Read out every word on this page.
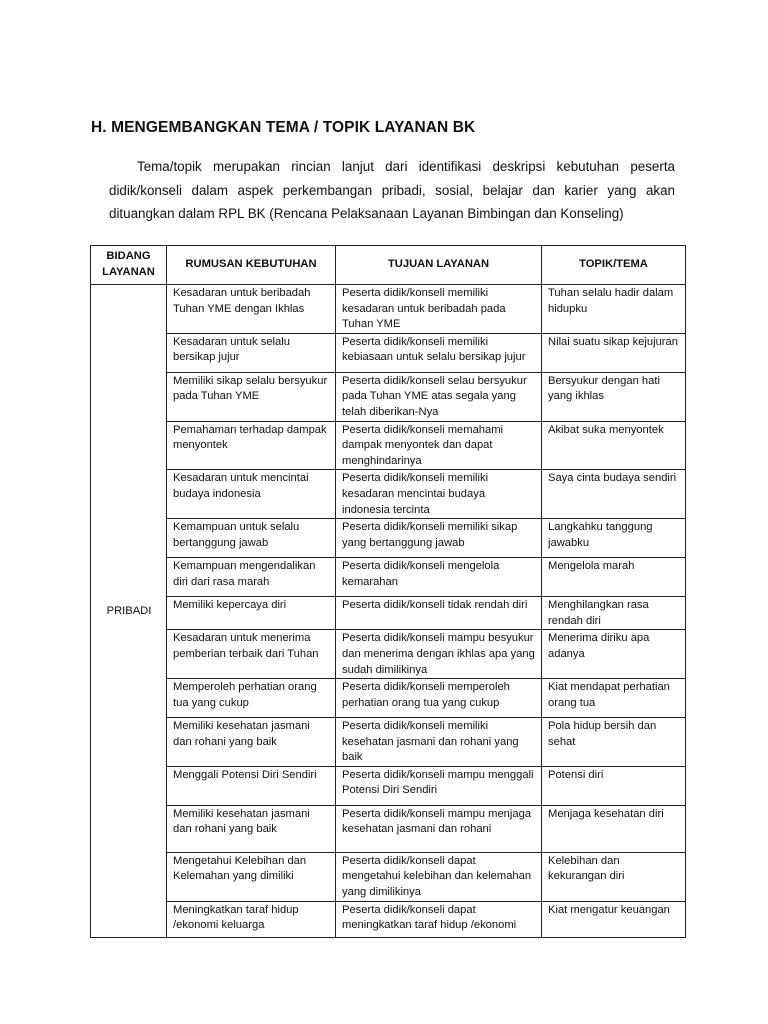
H. MENGEMBANGKAN TEMA / TOPIK LAYANAN BK
Tema/topik merupakan rincian lanjut dari identifikasi deskripsi kebutuhan peserta didik/konseli dalam aspek perkembangan pribadi, sosial, belajar dan karier yang akan dituangkan dalam RPL BK (Rencana Pelaksanaan Layanan Bimbingan dan Konseling)
BIDANG LAYANAN	RUMUSAN KEBUTUHAN	TUJUAN LAYANAN	TOPIK/TEMA
PRIBADI	Kesadaran untuk beribadah Tuhan YME dengan Ikhlas	Peserta didik/konseli memiliki kesadaran untuk beribadah pada Tuhan YME	Tuhan selalu hadir dalam hidupku
	Kesadaran untuk selalu bersikap jujur	Peserta didik/konseli memiliki kebiasaan untuk selalu bersikap jujur	Nilai suatu sikap kejujuran
	Memiliki sikap selalu bersyukur pada Tuhan YME	Peserta didik/konseli selau bersyukur pada Tuhan YME atas segala yang telah diberikan-Nya	Bersyukur dengan hati yang ikhlas
	Pemahaman terhadap dampak menyontek	Peserta didik/konseli memahami dampak menyontek dan dapat menghindarinya	Akibat suka menyontek
	Kesadaran untuk mencintai budaya indonesia	Peserta didik/konseli memiliki kesadaran mencintai budaya indonesia tercinta	Saya cinta budaya sendiri
	Kemampuan untuk selalu bertanggung jawab	Peserta didik/konseli memiliki sikap yang bertanggung jawab	Langkahku tanggung jawabku
	Kemampuan mengendalikan diri dari rasa marah	Peserta didik/konseli mengelola kemarahan	Mengelola marah
	Memiliki kepercaya diri	Peserta didik/konseli tidak rendah diri	Menghilangkan rasa rendah diri
	Kesadaran untuk menerima pemberian terbaik dari Tuhan	Peserta didik/konseli mampu besyukur dan menerima dengan ikhlas apa yang sudah dimilikinya	Menerima diriku apa adanya
	Memperoleh perhatian orang tua yang cukup	Peserta didik/konseli memperoleh perhatian orang tua yang cukup	Kiat mendapat perhatian orang tua
	Memiliki kesehatan jasmani dan rohani yang baik	Peserta didik/konseli memiliki kesehatan jasmani dan rohani yang baik	Pola hidup bersih dan sehat
	Menggali Potensi Diri Sendiri	Peserta didik/konseli mampu menggali Potensi Diri Sendiri	Potensi diri
	Memiliki kesehatan jasmani dan rohani yang baik	Peserta didik/konseli mampu menjaga kesehatan jasmani dan rohani	Menjaga kesehatan diri
	Mengetahui Kelebihan dan Kelemahan yang dimiliki	Peserta didik/konseli dapat mengetahui kelebihan dan kelemahan yang dimilikinya	Kelebihan dan kekurangan diri
	Meningkatkan taraf hidup /ekonomi keluarga	Peserta didik/konseli dapat meningkatkan taraf hidup /ekonomi	Kiat mengatur keuangan
